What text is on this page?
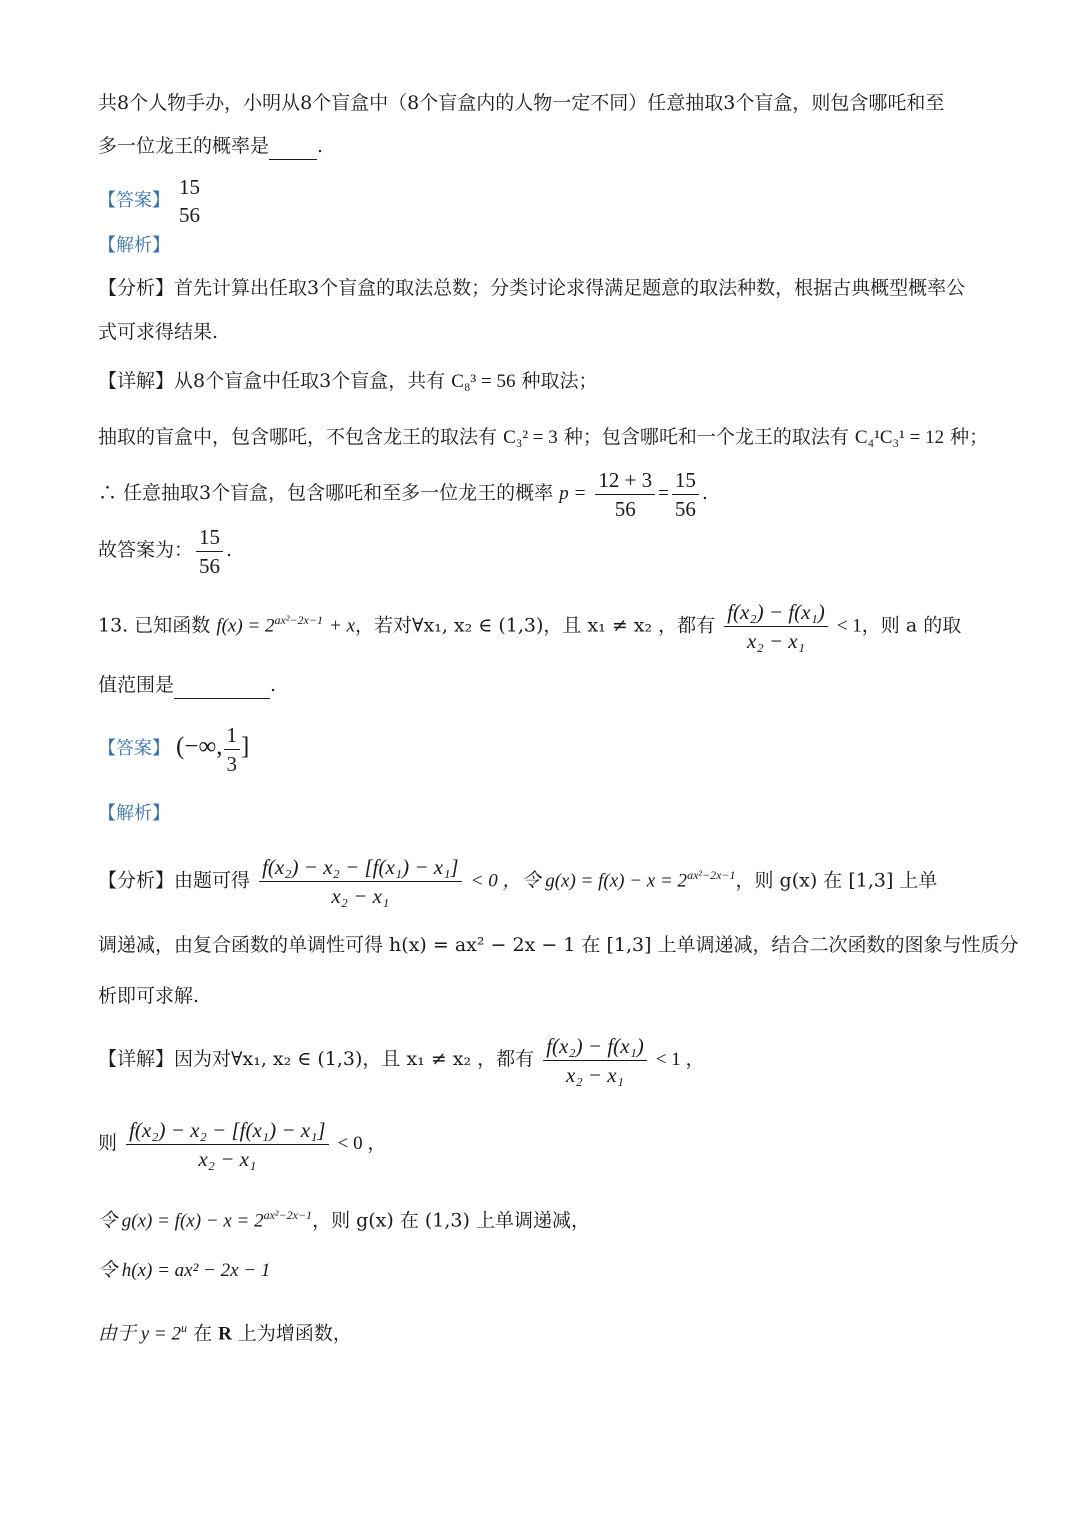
共8个人物手办，小明从8个盲盒中（8个盲盒内的人物一定不同）任意抽取3个盲盒，则包含哪吒和至
多一位龙王的概率是	.
【答案】
15
56
【解析】
【分析】首先计算出任取3个盲盒的取法总数；分类讨论求得满足题意的取法种数，根据古典概型概率公
式可求得结果.
【详解】从8个盲盒中任取3个盲盒，共有 C₈³ = 56 种取法；
抽取的盲盒中，包含哪吒，不包含龙王的取法有 C₃² = 3 种；包含哪吒和一个龙王的取法有 C₄¹C₃¹ = 12 种；
∴ 任意抽取3个盲盒，包含哪吒和至多一位龙王的概率 $p = \frac{12 + 3}{56} = \frac{15}{56}$ .
故答案为： $\frac{15}{56}$ .
13. 已知函数 $f(x) = 2^{ax^2-2x-1} + x$，若对∀x₁, x₂ ∈ (1,3)，且 x₁ ≠ x₂ ，都有 $\frac{\text{f(x₂) − f(x₁)}}{\text{x₂ − x₁}} < 1$，则 a 的取
值范围是	.
【答案】 (−∞, $\frac{1}{3}$ ]
【解析】
【分析】由题可得 $\frac{\text{f(x₂) − x₂ − [f(x₁) − x₁]}}{\text{x₂ − x₁}} < 0$ ，令 $g(x) = f(x) - x = 2^{ax^2-2x-1}$，则 g(x) 在 [1,3] 上单
调递减，由复合函数的单调性可得 h(x) = ax² − 2x − 1 在 [1,3] 上单调递减，结合二次函数的图象与性质分
析即可求解.
【详解】因为对∀x₁, x₂ ∈ (1,3)，且 x₁ ≠ x₂ ，都有 $\frac{\text{f(x₂) − f(x₁)}}{\text{x₂ − x₁}} < 1$ ，
则 $\frac{\text{f(x₂) − x₂ − [f(x₁) − x₁]}}{\text{x₂ − x₁}} < 0$ ，
令 $g(x) = f(x) - x = 2^{ax^2-2x-1}$，则 g(x) 在 (1,3) 上单调递减，
令 h(x) = ax² − 2x − 1
由于 $y = 2^u$ 在 R 上为增函数，
